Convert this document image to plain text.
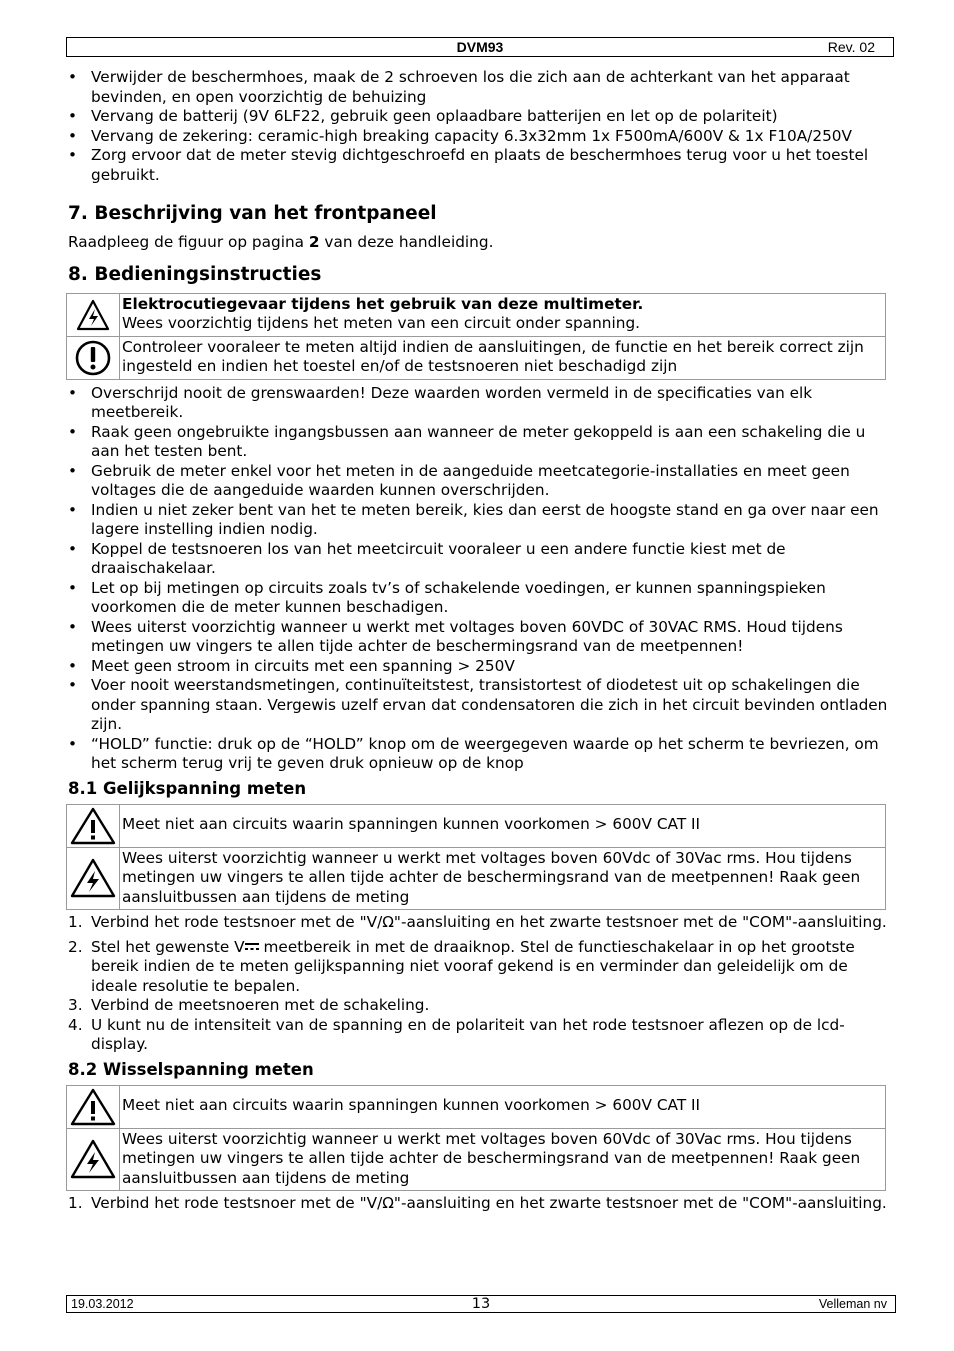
DVM93	Rev. 02
• Verwijder de beschermhoes, maak de 2 schroeven los die zich aan de achterkant van het apparaat bevinden, en open voorzichtig de behuizing
• Vervang de batterij (9V 6LF22, gebruik geen oplaadbare batterijen en let op de polariteit)
• Vervang de zekering: ceramic-high breaking capacity 6.3x32mm 1x F500mA/600V & 1x F10A/250V
• Zorg ervoor dat de meter stevig dichtgeschroefd en plaats de beschermhoes terug voor u het toestel gebruikt.
7. Beschrijving van het frontpaneel

Raadpleeg de figuur op pagina 2 van deze handleiding.

8. Bedieningsinstructies
	Elektrocutiegevaar tijdens het gebruik van deze multimeter.
Wees voorzichtig tijdens het meten van een circuit onder spanning.

	Controleer vooraleer te meten altijd indien de aansluitingen, de functie en het bereik correct zijn ingesteld en indien het toestel en/of de testsnoeren niet beschadigd zijn
• Overschrijd nooit de grenswaarden! Deze waarden worden vermeld in de specificaties van elk meetbereik.
• Raak geen ongebruikte ingangsbussen aan wanneer de meter gekoppeld is aan een schakeling die u aan het testen bent.
• Gebruik de meter enkel voor het meten in de aangeduide meetcategorie-installaties en meet geen voltages die de aangeduide waarden kunnen overschrijden.
• Indien u niet zeker bent van het te meten bereik, kies dan eerst de hoogste stand en ga over naar een lagere instelling indien nodig.
• Koppel de testsnoeren los van het meetcircuit vooraleer u een andere functie kiest met de draaischakelaar.
• Let op bij metingen op circuits zoals tv’s of schakelende voedingen, er kunnen spanningspieken voorkomen die de meter kunnen beschadigen.
• Wees uiterst voorzichtig wanneer u werkt met voltages boven 60VDC of 30VAC RMS. Houd tijdens metingen uw vingers te allen tijde achter de beschermingsrand van de meetpennen!
• Meet geen stroom in circuits met een spanning > 250V
• Voer nooit weerstandsmetingen, continuïteitstest, transistortest of diodetest uit op schakelingen die onder spanning staan. Vergewis uzelf ervan dat condensatoren die zich in het circuit bevinden ontladen zijn.
• “HOLD” functie: druk op de “HOLD” knop om de weergegeven waarde op het scherm te bevriezen, om het scherm terug vrij te geven druk opnieuw op de knop
8.1 Gelijkspanning meten
	Meet niet aan circuits waarin spanningen kunnen voorkomen > 600V CAT II

	Wees uiterst voorzichtig wanneer u werkt met voltages boven 60Vdc of 30Vac rms. Hou tijdens metingen uw vingers te allen tijde achter de beschermingsrand van de meetpennen! Raak geen aansluitbussen aan tijdens de meting
1. Verbind het rode testsnoer met de "V/Ω"-aansluiting en het zwarte testsnoer met de "COM"-aansluiting.
2. Stel het gewenste V meetbereik in met de draaiknop. Stel de functieschakelaar in op het grootste bereik indien de te meten gelijkspanning niet vooraf gekend is en verminder dan geleidelijk om de ideale resolutie te bepalen.
3. Verbind de meetsnoeren met de schakeling.
4. U kunt nu de intensiteit van de spanning en de polariteit van het rode testsnoer aflezen op de lcd-display.
8.2 Wisselspanning meten
	Meet niet aan circuits waarin spanningen kunnen voorkomen > 600V CAT II

	Wees uiterst voorzichtig wanneer u werkt met voltages boven 60Vdc of 30Vac rms. Hou tijdens metingen uw vingers te allen tijde achter de beschermingsrand van de meetpennen! Raak geen aansluitbussen aan tijdens de meting
1. Verbind het rode testsnoer met de "V/Ω"-aansluiting en het zwarte testsnoer met de "COM"-aansluiting.
19.03.2012	13	Velleman nv
